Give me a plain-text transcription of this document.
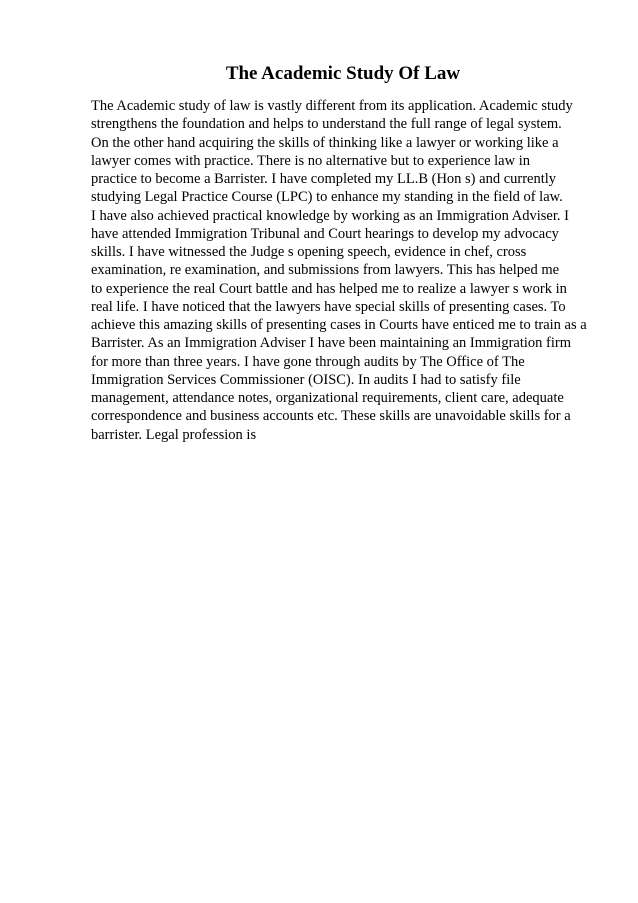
The Academic Study Of Law
The Academic study of law is vastly different from its application. Academic study
strengthens the foundation and helps to understand the full range of legal system.
On the other hand acquiring the skills of thinking like a lawyer or working like a
lawyer comes with practice. There is no alternative but to experience law in
practice to become a Barrister. I have completed my LL.B (Hon s) and currently
studying Legal Practice Course (LPC) to enhance my standing in the field of law.
I have also achieved practical knowledge by working as an Immigration Adviser. I
have attended Immigration Tribunal and Court hearings to develop my advocacy
skills. I have witnessed the Judge s opening speech, evidence in chef, cross
examination, re examination, and submissions from lawyers. This has helped me
to experience the real Court battle and has helped me to realize a lawyer s work in
real life. I have noticed that the lawyers have special skills of presenting cases. To
achieve this amazing skills of presenting cases in Courts have enticed me to train as a
Barrister. As an Immigration Adviser I have been maintaining an Immigration firm
for more than three years. I have gone through audits by The Office of The
Immigration Services Commissioner (OISC). In audits I had to satisfy file
management, attendance notes, organizational requirements, client care, adequate
correspondence and business accounts etc. These skills are unavoidable skills for a
barrister. Legal profession is
